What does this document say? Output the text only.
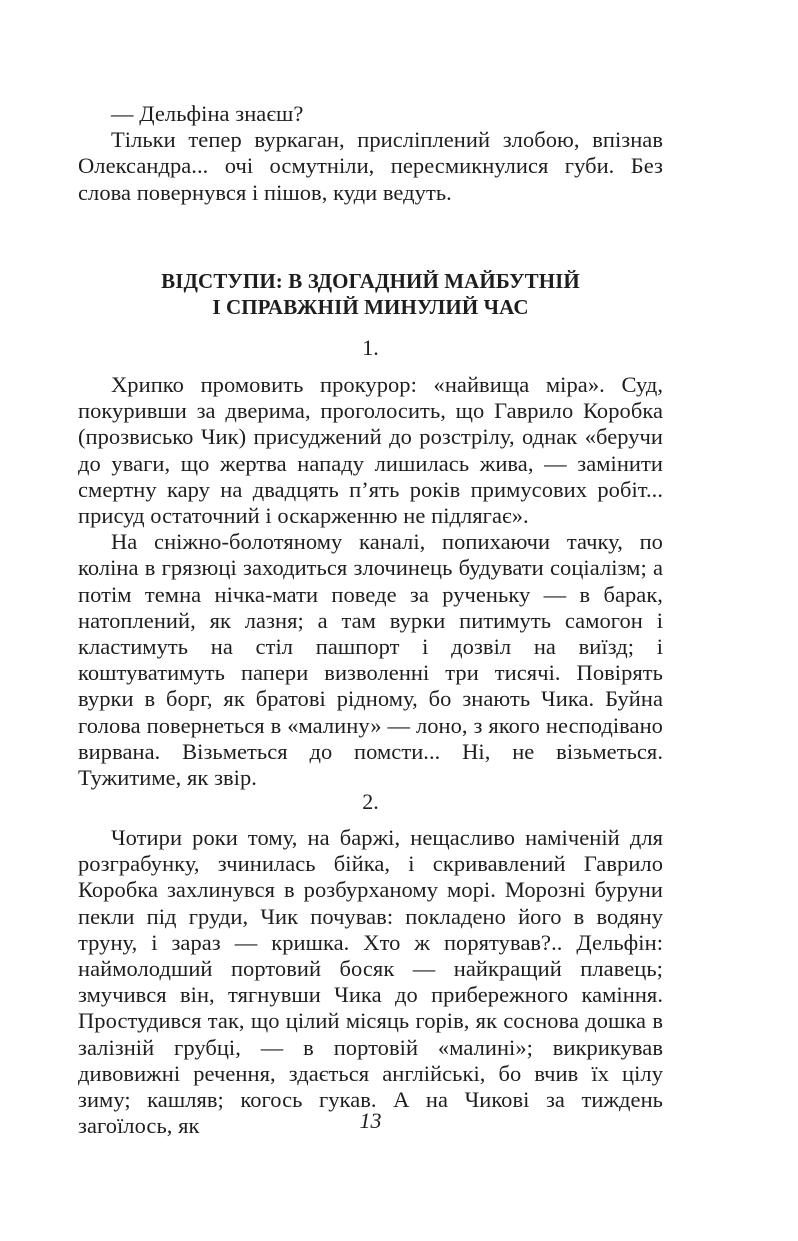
— Дельфіна знаєш?

Тільки тепер вуркаган, присліплений злобою, впізнав Олександра... очі осмутніли, пересмикнулися губи. Без слова повернувся і пішов, куди ведуть.

ВІДСТУПИ: В ЗДОГАДНИЙ МАЙБУТНІЙ
І СПРАВЖНІЙ МИНУЛИЙ ЧАС
1.

Хрипко промовить прокурор: «найвища міра». Суд, покуривши за дверима, проголосить, що Гаврило Коробка (прозвисько Чик) присуджений до розстрілу, однак «беручи до уваги, що жертва нападу лишилась жива, — замінити смертну кару на двадцять п’ять років примусових робіт... присуд остаточний і оскарженню не підлягає».

На сніжно-болотяному каналі, попихаючи тачку, по коліна в грязюці заходиться злочинець будувати соціалізм; а потім темна нічка-мати поведе за рученьку — в барак, натоплений, як лазня; а там вурки питимуть самогон і кластимуть на стіл пашпорт і дозвіл на виїзд; і коштуватимуть папери визволенні три тисячі. Повірять вурки в борг, як братові рідному, бо знають Чика. Буйна голова повернеться в «малину» — лоно, з якого несподівано вирвана. Візьметься до помсти... Ні, не візьметься. Тужитиме, як звір.

2.

Чотири роки тому, на баржі, нещасливо наміченій для розграбунку, зчинилась бійка, і скривавлений Гаврило Коробка захлинувся в розбурханому морі. Морозні буруни пекли під груди, Чик почував: покладено його в водяну труну, і зараз — кришка. Хто ж порятував?.. Дельфін: наймолодший портовий босяк — найкращий плавець; змучився він, тягнувши Чика до прибережного каміння. Простудився так, що цілий місяць горів, як соснова дошка в залізній грубці, — в портовій «малині»; викрикував дивовижні речення, здається англійські, бо вчив їх цілу зиму; кашляв; когось гукав. А на Чикові за тиждень загоїлось, як	13
